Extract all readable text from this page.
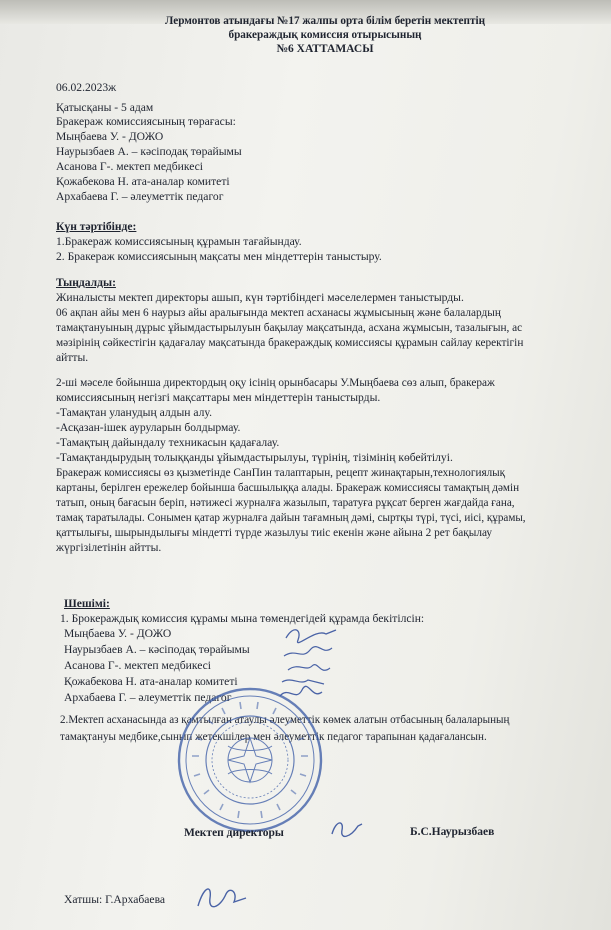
Лермонтов атындағы №17 жалпы орта білім беретін мектептің
бракераждық комиссия отырысының
№6 ХАТТАМАСЫ
06.02.2023ж
Қатысқаны - 5 адам
Бракераж комиссиясының төрағасы:
Мыңбаева У. - ДОЖО
Наурызбаев А. – кәсіподақ төрайымы
Асанова Г-. мектеп медбикесі
Қожабекова Н. ата-аналар комитеті
Архабаева Г. – әлеуметтік педагог
Күн тәртібінде:
1.Бракераж комиссиясының құрамын тағайындау.
2. Бракераж комиссиясының мақсаты мен міндеттерін таныстыру.
Тыңдалды:
Жиналысты мектеп директоры ашып, күн тәртібіндегі мәселелермен таныстырды.
06 ақпан айы мен 6 наурыз айы аралығында мектеп асханасы жұмысының және балалардың
тамақтануының дұрыс ұйымдастырылуын бақылау мақсатында, асхана жұмысын, тазалығын, ас
мәзірінің сәйкестігін қадағалау мақсатында бракераждық комиссиясы құрамын сайлау керектігін
айтты.
2-ші мәселе бойынша директордың оқу ісінің орынбасары У.Мыңбаева сөз алып, бракераж
комиссиясының негізгі мақсаттары мен міндеттерін таныстырды.
-Тамақтан уланудың алдын алу.
-Асқазан-ішек ауруларын болдырмау.
-Тамақтың дайындалу техникасын қадағалау.
-Тамақтандырудың толыққанды ұйымдастырылуы, түрінің, тізімінің көбейтілуі.
Бракераж комиссиясы өз қызметінде СанПин талаптарын, рецепт жинақтарын,технологиялық
картаны, берілген ережелер бойынша басшылыққа алады. Бракераж комиссиясы тамақтың дәмін
татып, оның бағасын беріп, нәтижесі журналға жазылып, таратуға рұқсат берген жағдайда ғана,
тамақ таратылады. Сонымен қатар журналға дайын тағамның дәмі, сыртқы түрі, түсі, иісі, құрамы,
қаттылығы, шырындылығы міндетті түрде жазылуы тиіс екенін және айына 2 рет бақылау
жүргізілетінін айтты.
Шешімі:
1. Брокераждық комиссия құрамы мына төмендегідей құрамда бекітілсін:
Мыңбаева У. - ДОЖО
Наурызбаев А. – кәсіподақ төрайымы
Асанова Г-. мектеп медбикесі
Қожабекова Н. ата-аналар комитеті
Архабаева Г. – әлеуметтік педагог
2.Мектеп асханасында аз қамтылған атаулы әлеуметтік көмек алатын отбасының балаларының
тамақтануы медбике,сынып жетекшілер мен әлеуметтік педагог тарапынан қадағалансын.
Мектеп директоры	Б.С.Наурызбаев
Хатшы: Г.Архабаева
